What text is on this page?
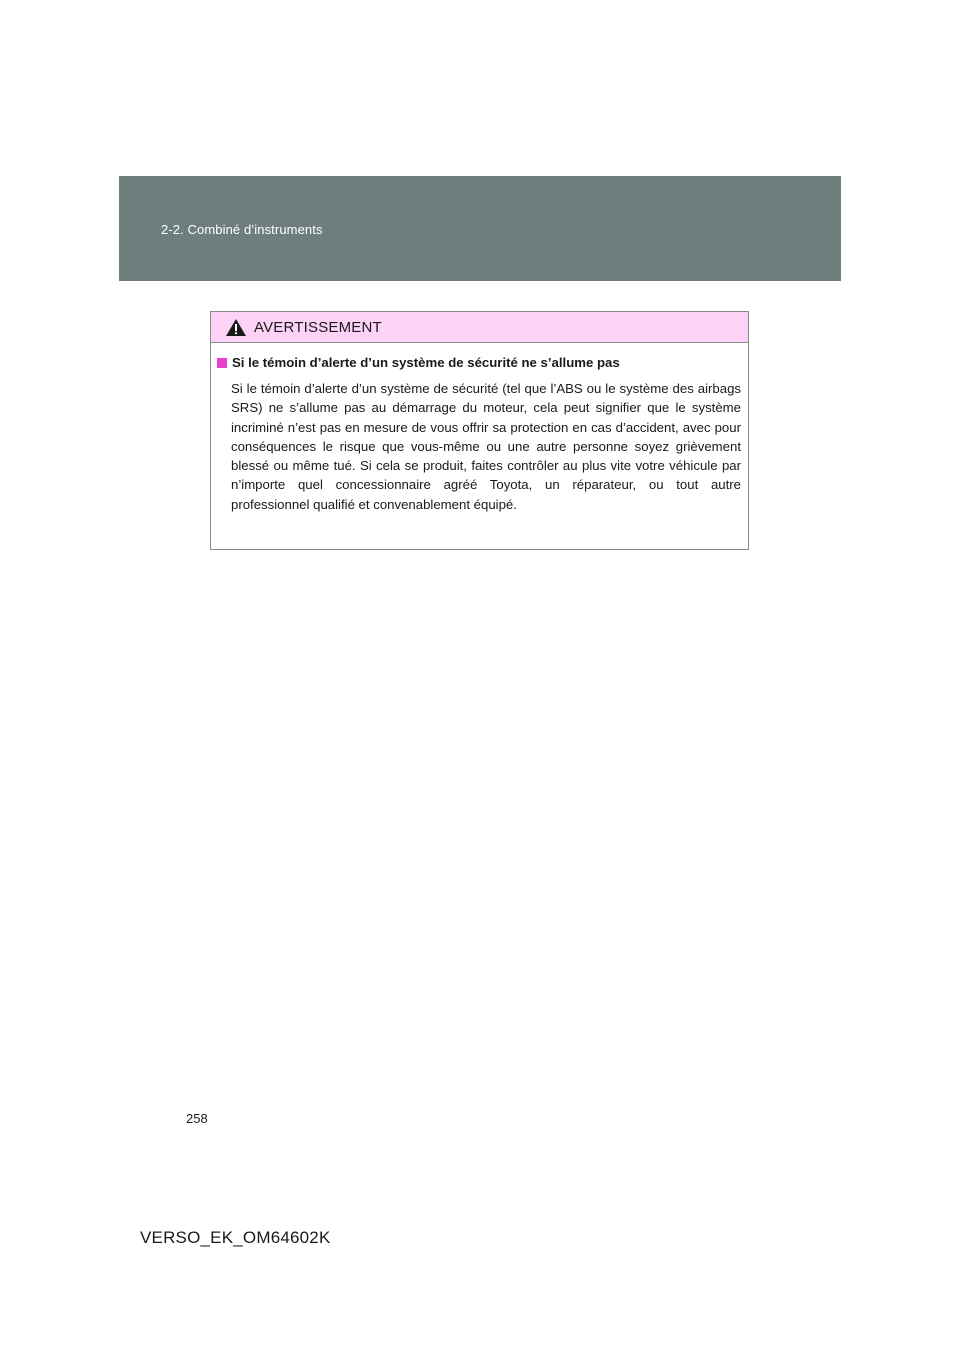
2-2. Combiné d’instruments
AVERTISSEMENT
Si le témoin d’alerte d’un système de sécurité ne s’allume pas
Si le témoin d’alerte d’un système de sécurité (tel que l’ABS ou le système des airbags SRS) ne s’allume pas au démarrage du moteur, cela peut signifier que le système incriminé n’est pas en mesure de vous offrir sa protection en cas d’accident, avec pour conséquences le risque que vous-même ou une autre personne soyez grièvement blessé ou même tué. Si cela se produit, faites contrôler au plus vite votre véhicule par n’importe quel concessionnaire agréé Toyota, un réparateur, ou tout autre professionnel qualifié et convenablement équipé.
258
VERSO_EK_OM64602K
